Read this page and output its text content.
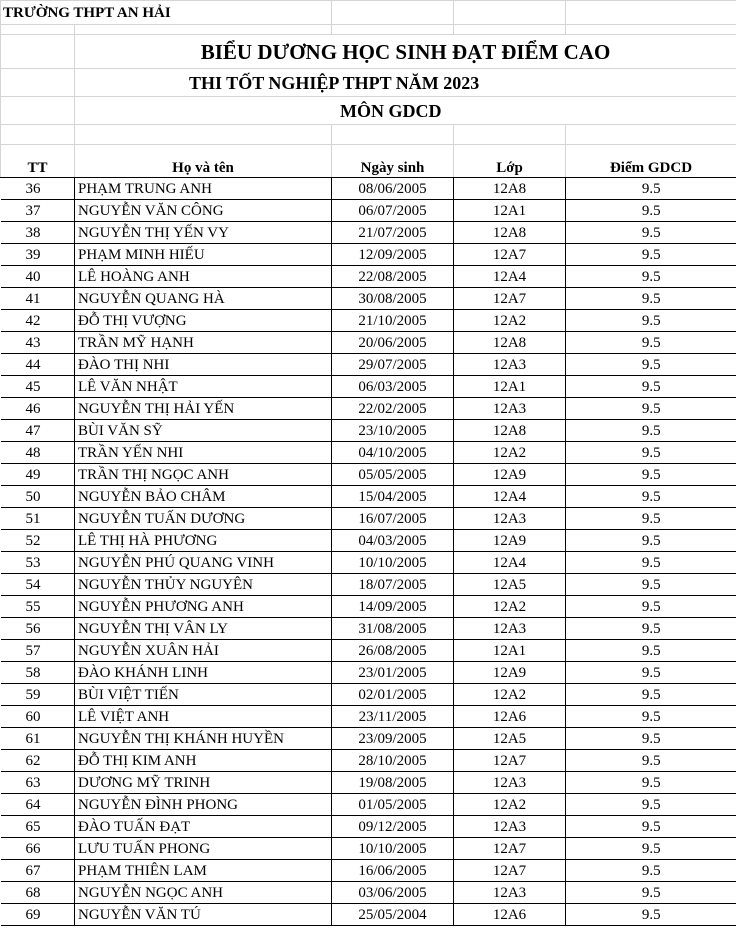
TRƯỜNG THPT AN HẢI				

	BIỂU DƯƠNG HỌC SINH ĐẠT ĐIỂM CAO			
	THI TỐT NGHIỆP THPT NĂM 2023			
	MÔN GDCD			

TT	Họ và tên	Ngày sinh	Lớp	Điểm GDCD
36	PHẠM TRUNG ANH	08/06/2005	12A8	9.5
37	NGUYỄN VĂN CÔNG	06/07/2005	12A1	9.5
38	NGUYỄN THỊ YẾN VY	21/07/2005	12A8	9.5
39	PHẠM MINH HIẾU	12/09/2005	12A7	9.5
40	LÊ HOÀNG ANH	22/08/2005	12A4	9.5
41	NGUYỄN QUANG HÀ	30/08/2005	12A7	9.5
42	ĐỖ THỊ VƯỢNG	21/10/2005	12A2	9.5
43	TRẦN MỸ HẠNH	20/06/2005	12A8	9.5
44	ĐÀO THỊ NHI	29/07/2005	12A3	9.5
45	LÊ VĂN NHẬT	06/03/2005	12A1	9.5
46	NGUYỄN THỊ HẢI YẾN	22/02/2005	12A3	9.5
47	BÙI VĂN SỸ	23/10/2005	12A8	9.5
48	TRẦN YẾN NHI	04/10/2005	12A2	9.5
49	TRẦN THỊ NGỌC ANH	05/05/2005	12A9	9.5
50	NGUYỄN BẢO CHÂM	15/04/2005	12A4	9.5
51	NGUYỄN TUẤN DƯƠNG	16/07/2005	12A3	9.5
52	LÊ THỊ HÀ PHƯƠNG	04/03/2005	12A9	9.5
53	NGUYỄN PHÚ QUANG VINH	10/10/2005	12A4	9.5
54	NGUYỄN THỦY NGUYÊN	18/07/2005	12A5	9.5
55	NGUYỄN PHƯƠNG ANH	14/09/2005	12A2	9.5
56	NGUYỄN THỊ VÂN LY	31/08/2005	12A3	9.5
57	NGUYỄN XUÂN HẢI	26/08/2005	12A1	9.5
58	ĐÀO KHÁNH LINH	23/01/2005	12A9	9.5
59	BÙI VIỆT TIẾN	02/01/2005	12A2	9.5
60	LÊ VIỆT ANH	23/11/2005	12A6	9.5
61	NGUYỄN THỊ KHÁNH HUYỀN	23/09/2005	12A5	9.5
62	ĐỖ THỊ KIM ANH	28/10/2005	12A7	9.5
63	DƯƠNG MỸ TRINH	19/08/2005	12A3	9.5
64	NGUYỄN ĐÌNH PHONG	01/05/2005	12A2	9.5
65	ĐÀO TUẤN ĐẠT	09/12/2005	12A3	9.5
66	LƯU TUẤN PHONG	10/10/2005	12A7	9.5
67	PHẠM THIÊN LAM	16/06/2005	12A7	9.5
68	NGUYỄN NGỌC ANH	03/06/2005	12A3	9.5
69	NGUYỄN VĂN TÚ	25/05/2004	12A6	9.5
